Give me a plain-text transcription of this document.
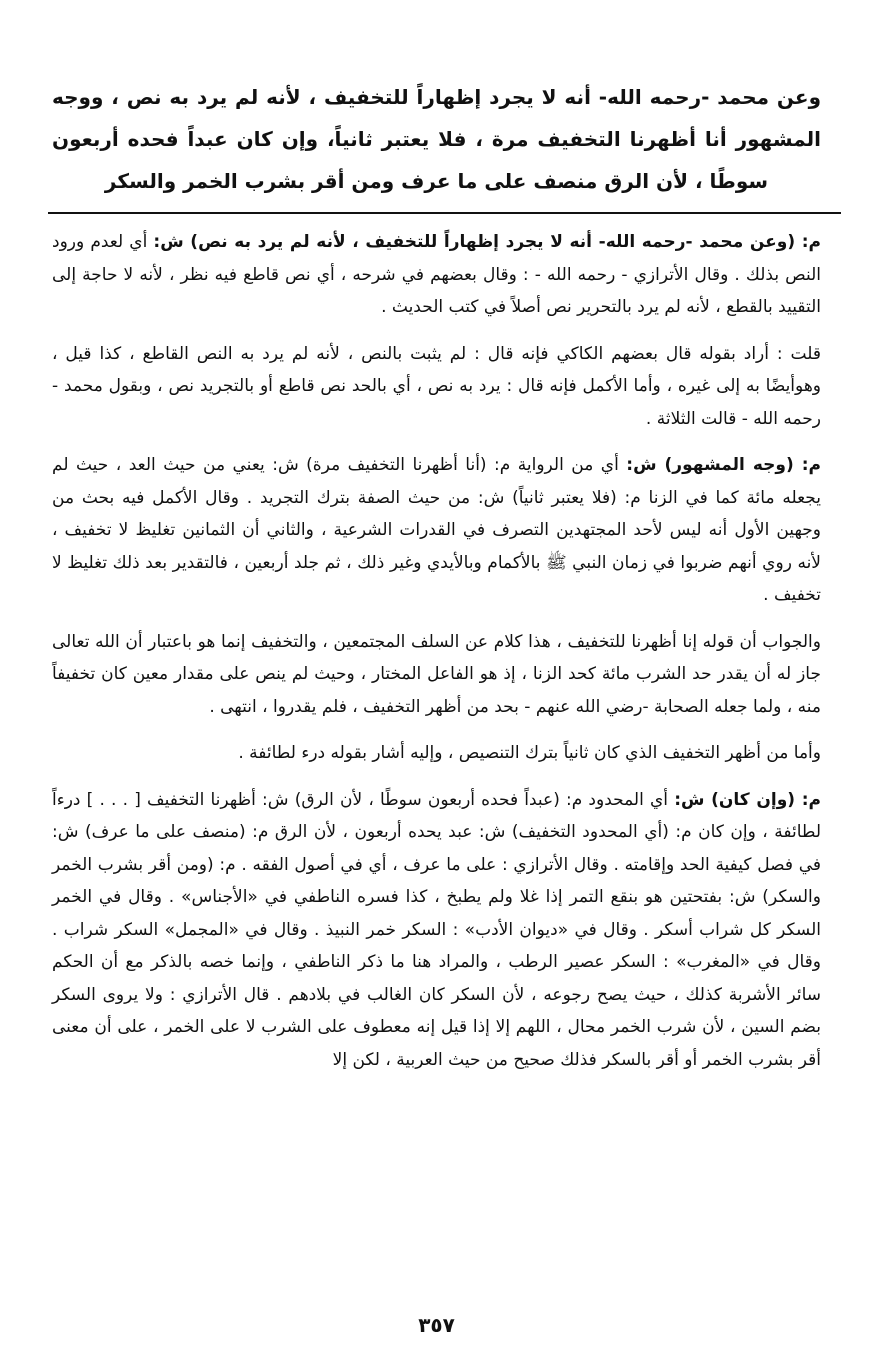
وعن محمد -رحمه الله- أنه لا يجرد إظهاراً للتخفيف ، لأنه لم يرد به نص ، ووجه المشهور أنا أظهرنا التخفيف مرة ، فلا يعتبر ثانياً، وإن كان عبداً فحده أربعون سوطًا ، لأن الرق منصف على ما عرف ومن أقر بشرب الخمر والسكر

م: (وعن محمد -رحمه الله- أنه لا يجرد إظهاراً للتخفيف ، لأنه لم يرد به نص) ش: أي لعدم ورود النص بذلك . وقال الأترازي - رحمه الله - : وقال بعضهم في شرحه ، أي نص قاطع فيه نظر ، لأنه لا حاجة إلى التقييد بالقطع ، لأنه لم يرد بالتحرير نص أصلاً في كتب الحديث .

قلت : أراد بقوله قال بعضهم الكاكي فإنه قال : لم يثبت بالنص ، لأنه لم يرد به النص القاطع ، كذا قيل ، وهوأيضًا به إلى غيره ، وأما الأكمل فإنه قال : يرد به نص ، أي بالحد نص قاطع أو بالتجريد نص ، وبقول محمد - رحمه الله - قالت الثلاثة .

م: (وجه المشهور) ش: أي من الرواية م: (أنا أظهرنا التخفيف مرة) ش: يعني من حيث العد ، حيث لم يجعله مائة كما في الزنا م: (فلا يعتبر ثانياً) ش: من حيث الصفة بترك التجريد . وقال الأكمل فيه بحث من وجهين الأول أنه ليس لأحد المجتهدين التصرف في القدرات الشرعية ، والثاني أن الثمانين تغليظ لا تخفيف ، لأنه روي أنهم ضربوا في زمان النبي ﷺ بالأكمام وبالأيدي وغير ذلك ، ثم جلد أربعين ، فالتقدير بعد ذلك تغليظ لا تخفيف .

والجواب أن قوله إنا أظهرنا للتخفيف ، هذا كلام عن السلف المجتمعين ، والتخفيف إنما هو باعتبار أن الله تعالى جاز له أن يقدر حد الشرب مائة كحد الزنا ، إذ هو الفاعل المختار ، وحيث لم ينص على مقدار معين كان تخفيفاً منه ، ولما جعله الصحابة -رضي الله عنهم - بحد من أظهر التخفيف ، فلم يقدروا ، انتهى .

وأما من أظهر التخفيف الذي كان ثانياً بترك التنصيص ، وإليه أشار بقوله درء لطائفة .

م: (وإن كان) ش: أي المحدود م: (عبداً فحده أربعون سوطًا ، لأن الرق) ش: أظهرنا التخفيف [ . . . ] درءاً لطائفة ، وإن كان م: (أي المحدود التخفيف) ش: عبد يحده أربعون ، لأن الرق م: (منصف على ما عرف) ش: في فصل كيفية الحد وإقامته . وقال الأترازي : على ما عرف ، أي في أصول الفقه . م: (ومن أقر بشرب الخمر والسكر) ش: بفتحتين هو بنقع التمر إذا غلا ولم يطبخ ، كذا فسره الناطفي في «الأجناس» . وقال في الخمر السكر كل شراب أسكر . وقال في «ديوان الأدب» : السكر خمر النبيذ . وقال في «المجمل» السكر شراب . وقال في «المغرب» : السكر عصير الرطب ، والمراد هنا ما ذكر الناطفي ، وإنما خصه بالذكر مع أن الحكم سائر الأشربة كذلك ، حيث يصح رجوعه ، لأن السكر كان الغالب في بلادهم . قال الأترازي : ولا يروى السكر بضم السين ، لأن شرب الخمر محال ، اللهم إلا إذا قيل إنه معطوف على الشرب لا على الخمر ، على أن معنى أقر بشرب الخمر أو أقر بالسكر فذلك صحيح من حيث العربية ، لكن إلا

٣٥٧
